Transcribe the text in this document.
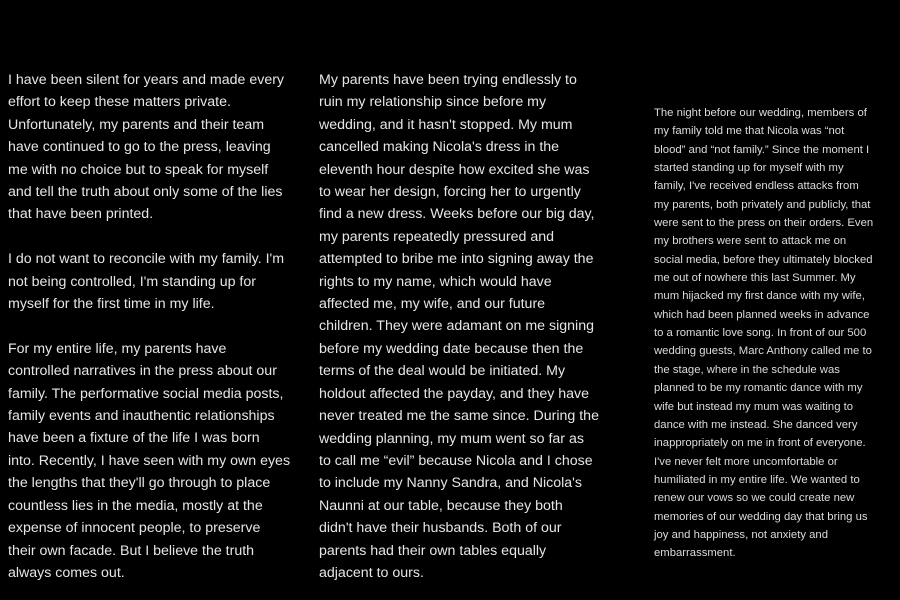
I have been silent for years and made every
effort to keep these matters private.
Unfortunately, my parents and their team
have continued to go to the press, leaving
me with no choice but to speak for myself
and tell the truth about only some of the lies
that have been printed.

I do not want to reconcile with my family. I'm
not being controlled, I'm standing up for
myself for the first time in my life.

For my entire life, my parents have
controlled narratives in the press about our
family. The performative social media posts,
family events and inauthentic relationships
have been a fixture of the life I was born
into. Recently, I have seen with my own eyes
the lengths that they'll go through to place
countless lies in the media, mostly at the
expense of innocent people, to preserve
their own facade. But I believe the truth
always comes out.

My parents have been trying endlessly to
ruin my relationship since before my
wedding, and it hasn't stopped. My mum
cancelled making Nicola's dress in the
eleventh hour despite how excited she was
to wear her design, forcing her to urgently
find a new dress. Weeks before our big day,
my parents repeatedly pressured and
attempted to bribe me into signing away the
rights to my name, which would have
affected me, my wife, and our future
children. They were adamant on me signing
before my wedding date because then the
terms of the deal would be initiated. My
holdout affected the payday, and they have
never treated me the same since. During the
wedding planning, my mum went so far as
to call me “evil” because Nicola and I chose
to include my Nanny Sandra, and Nicola's
Naunni at our table, because they both
didn't have their husbands. Both of our
parents had their own tables equally
adjacent to ours.

The night before our wedding, members of
my family told me that Nicola was “not
blood” and “not family.” Since the moment I
started standing up for myself with my
family, I've received endless attacks from
my parents, both privately and publicly, that
were sent to the press on their orders. Even
my brothers were sent to attack me on
social media, before they ultimately blocked
me out of nowhere this last Summer. My
mum hijacked my first dance with my wife,
which had been planned weeks in advance
to a romantic love song. In front of our 500
wedding guests, Marc Anthony called me to
the stage, where in the schedule was
planned to be my romantic dance with my
wife but instead my mum was waiting to
dance with me instead. She danced very
inappropriately on me in front of everyone.
I've never felt more uncomfortable or
humiliated in my entire life. We wanted to
renew our vows so we could create new
memories of our wedding day that bring us
joy and happiness, not anxiety and
embarrassment.
